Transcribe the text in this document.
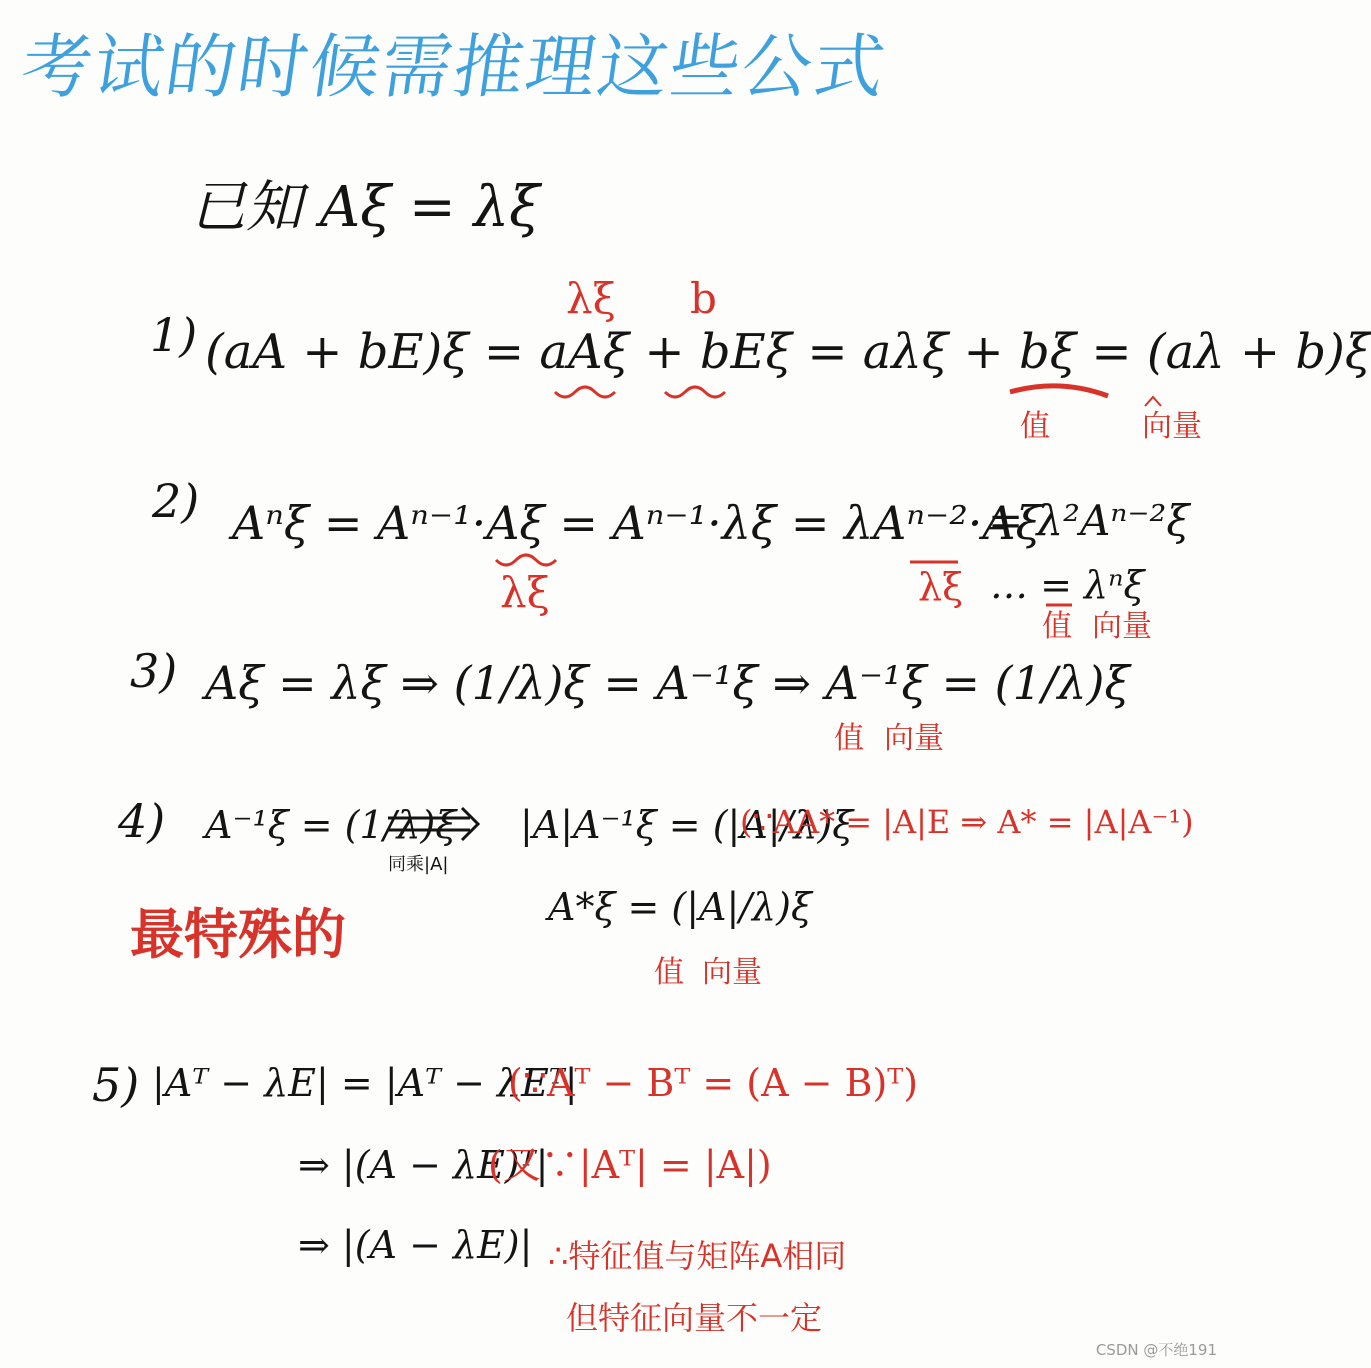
考试的时候需推理这些公式
已知 Aξ = λξ
1)
λξ b
(aA + bE)ξ = aAξ + bEξ = aλξ + bξ = (aλ + b)ξ
值	向量
2) Aⁿξ = Aⁿ⁻¹·Aξ = Aⁿ⁻¹·λξ = λAⁿ⁻²·Aξ
= λ²Aⁿ⁻²ξ
… = λⁿξ
λξ	λξ
值 向量
3) Aξ = λξ ⇒ (1/λ)ξ = A⁻¹ξ ⇒ A⁻¹ξ = (1/λ)ξ
值 向量
4) A⁻¹ξ = (1/λ)ξ
同乘|A|
|A|A⁻¹ξ = (|A|/λ)ξ
(∵AA* = |A|E ⇒ A* = |A|A⁻¹)
A*ξ = (|A|/λ)ξ
值 向量
最特殊的
5) |Aᵀ − λE| = |Aᵀ − λEᵀ|
(∵Aᵀ − Bᵀ = (A − B)ᵀ)
⇒ |(A − λE)ᵀ|
(又∵|Aᵀ| = |A|)
⇒ |(A − λE)| ∴特征值与矩阵A相同
但特征向量不一定
CSDN @不绝191
